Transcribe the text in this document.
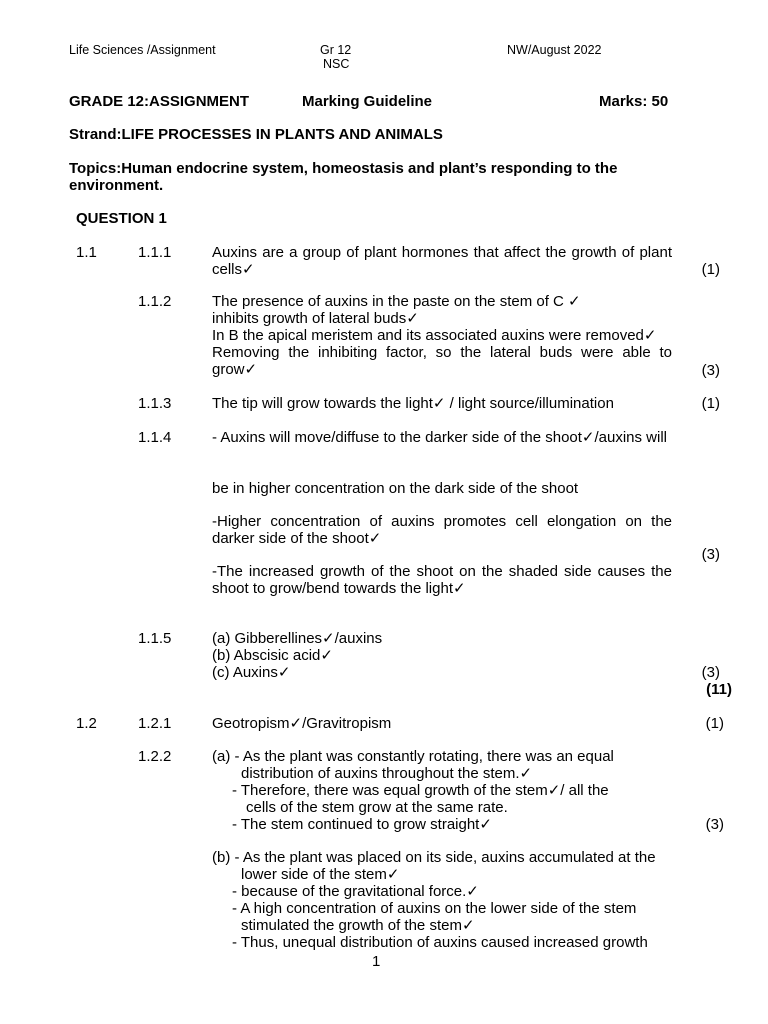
Life Sciences /Assignment	Gr 12
NSC
NW/August 2022
GRADE 12:ASSIGNMENT	Marking Guideline	Marks: 50
Strand:LIFE PROCESSES IN PLANTS AND ANIMALS
Topics:Human endocrine system, homeostasis and plant’s responding to the
environment.
QUESTION 1
1.1	1.1.1	Auxins are a group of plant hormones that affect the growth of plant cells✓	(1)
1.1.2	The presence of auxins in the paste on the stem of C ✓
inhibits growth of lateral buds✓
In B the apical meristem and its associated auxins were removed✓
Removing the inhibiting factor, so the lateral buds were able to grow✓	(3)
1.1.3	The tip will grow towards the light✓ / light source/illumination	(1)
1.1.4	- Auxins will move/diffuse to the darker side of the shoot✓/auxins will
be in higher concentration on the dark side of the shoot
-Higher concentration of auxins promotes cell elongation on the darker side of the shoot✓
(3)
-The increased growth of the shoot on the shaded side causes the shoot to grow/bend towards the light✓
1.1.5	(a) Gibberellines✓/auxins
(b) Abscisic acid✓
(c) Auxins✓	(3)
(11)
1.2	1.2.1	Geotropism✓/Gravitropism	(1)
1.2.2	(a) - As the plant was constantly rotating, there was an equal
distribution of auxins throughout the stem.✓
- Therefore, there was equal growth of the stem✓/ all the
cells of the stem grow at the same rate.
- The stem continued to grow straight✓	(3)
(b) - As the plant was placed on its side, auxins accumulated at the
lower side of the stem✓
- because of the gravitational force.✓
- A high concentration of auxins on the lower side of the stem
stimulated the growth of the stem✓
- Thus, unequal distribution of auxins caused increased growth
1
